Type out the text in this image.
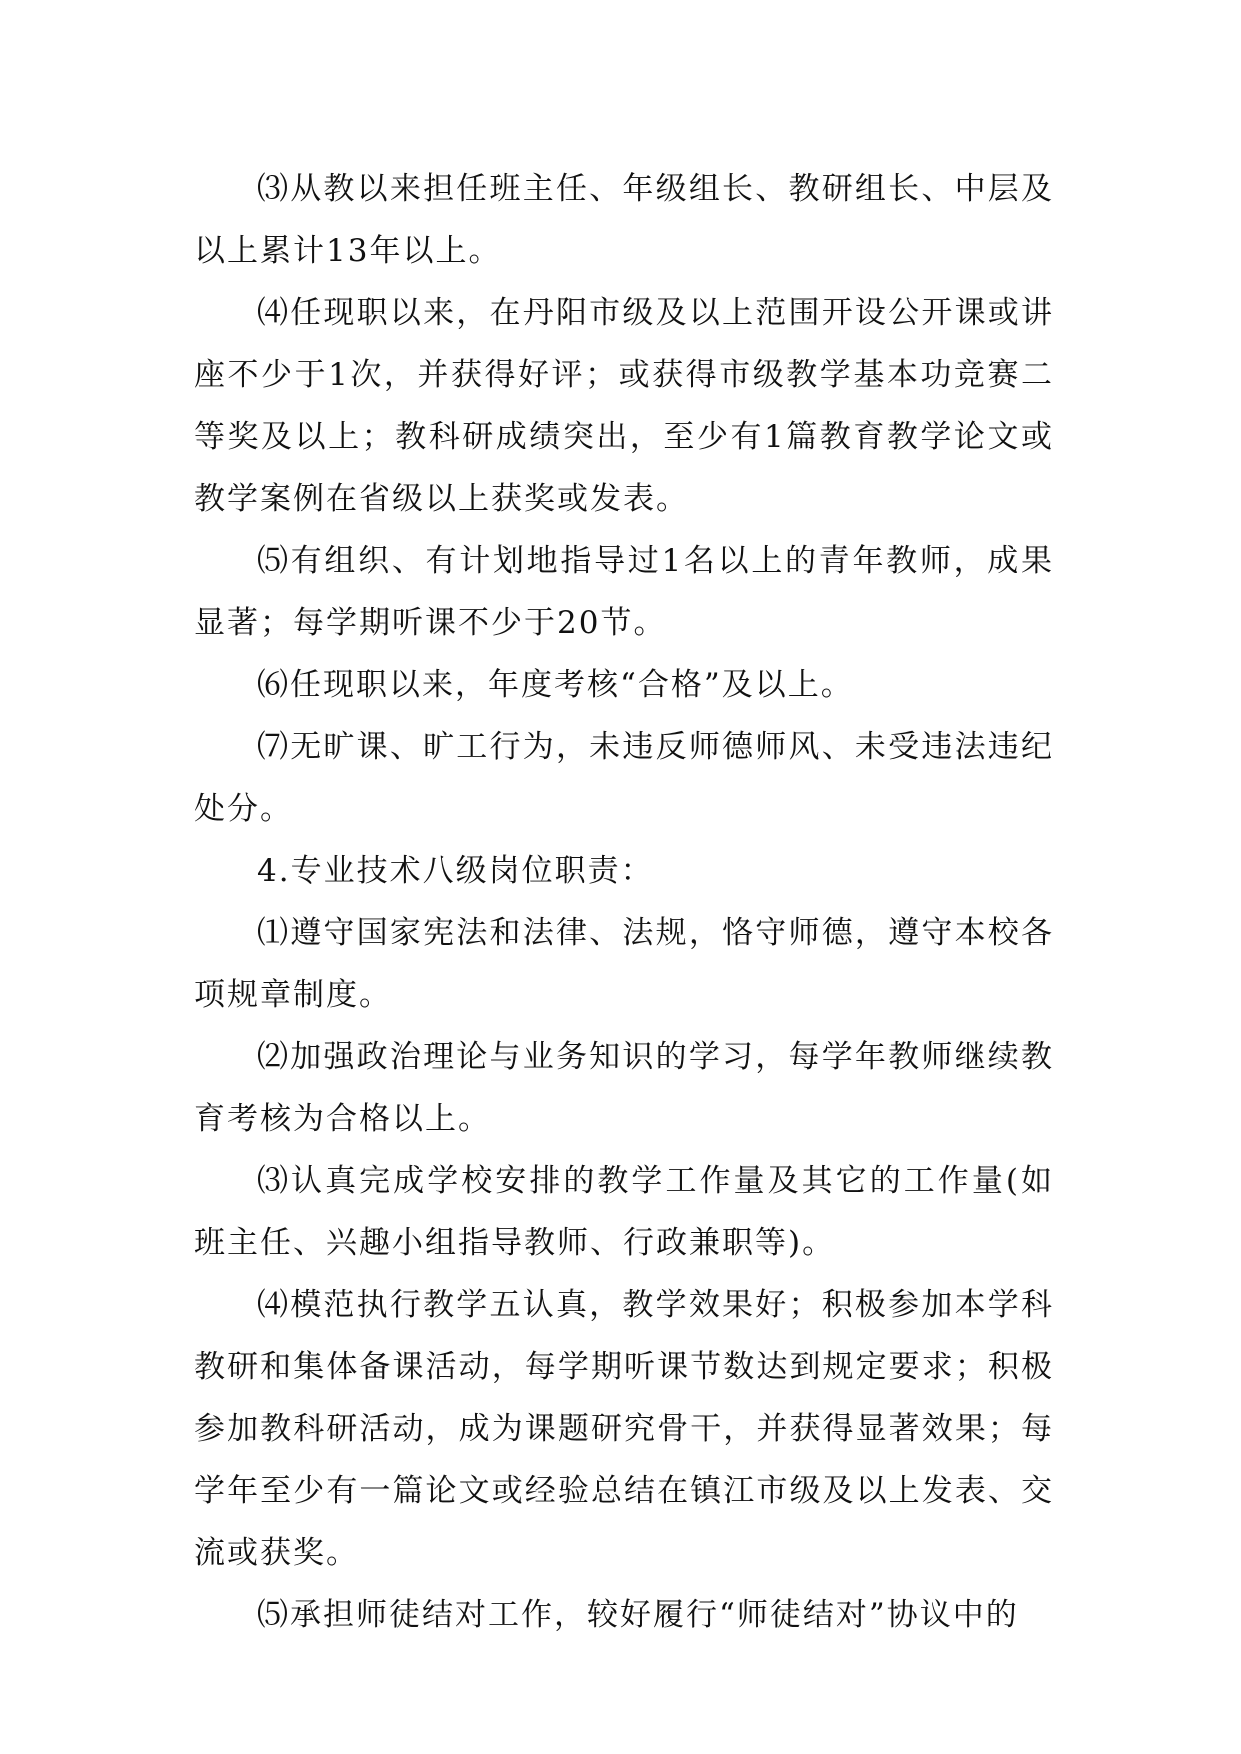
⑶从教以来担任班主任、年级组长、教研组长、中层及以上累计13年以上。

⑷任现职以来，在丹阳市级及以上范围开设公开课或讲座不少于1次，并获得好评；或获得市级教学基本功竞赛二等奖及以上；教科研成绩突出，至少有1篇教育教学论文或教学案例在省级以上获奖或发表。

⑸有组织、有计划地指导过1名以上的青年教师，成果显著；每学期听课不少于20节。

⑹任现职以来，年度考核“合格”及以上。

⑺无旷课、旷工行为，未违反师德师风、未受违法违纪处分。

4.专业技术八级岗位职责：

⑴遵守国家宪法和法律、法规，恪守师德，遵守本校各项规章制度。

⑵加强政治理论与业务知识的学习，每学年教师继续教育考核为合格以上。

⑶认真完成学校安排的教学工作量及其它的工作量(如班主任、兴趣小组指导教师、行政兼职等)。

⑷模范执行教学五认真，教学效果好；积极参加本学科教研和集体备课活动，每学期听课节数达到规定要求；积极参加教科研活动，成为课题研究骨干，并获得显著效果；每学年至少有一篇论文或经验总结在镇江市级及以上发表、交流或获奖。

⑸承担师徒结对工作，较好履行“师徒结对”协议中的
